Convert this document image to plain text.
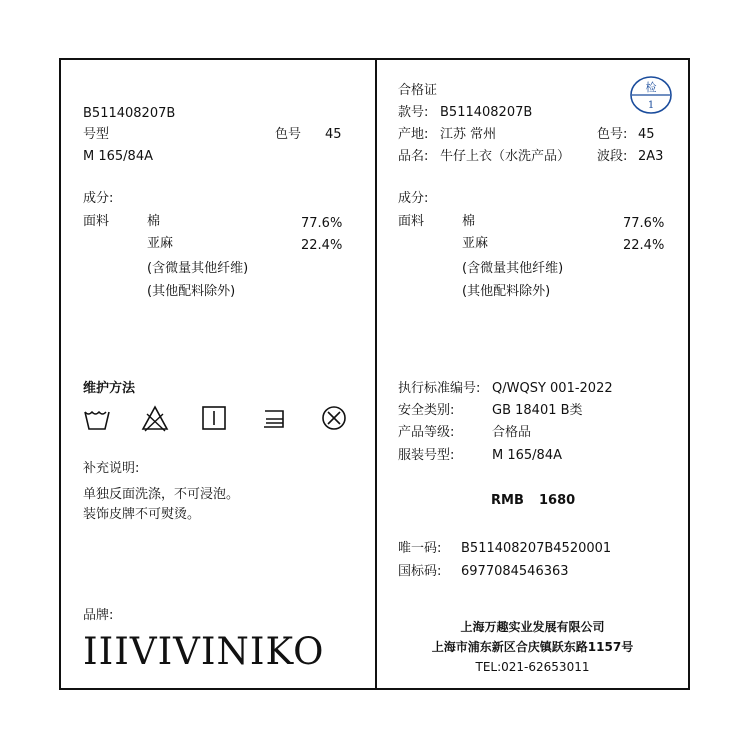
B511408207B
号型	色号 45
M 165/84A
成分:
面料	棉	77.6%
亚麻	22.4%
(含微量其他纤维)
(其他配料除外)
维护方法
补充说明:
单独反面洗涤，不可浸泡。
装饰皮牌不可熨烫。
品牌:
IIIVIVINIKO
合格证	检
1
款号: B511408207B
产地: 江苏 常州	色号: 45
品名: 牛仔上衣（水洗产品） 波段: 2A3
成分:
面料	棉	77.6%
亚麻	22.4%
(含微量其他纤维)
(其他配料除外)
执行标准编号: Q/WQSY 001-2022
安全类别:	GB 18401 B类
产品等级:	合格品
服装号型:	M 165/84A
RMB 1680
唯一码: B511408207B4520001
国标码: 6977084546363
上海万趣实业发展有限公司
上海市浦东新区合庆镇跃东路1157号
TEL:021-62653011
